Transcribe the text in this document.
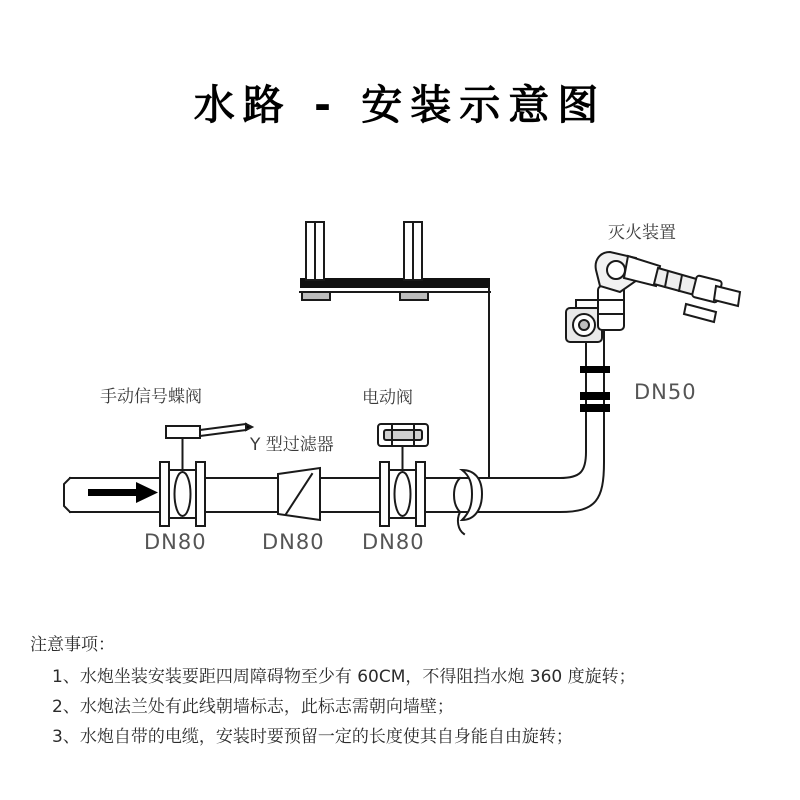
水路 - 安装示意图
灭火装置
手动信号蝶阀	电动阀
Y 型过滤器
DN50
DN80	DN80 DN80
注意事项：
1、水炮坐装安装要距四周障碍物至少有 60CM，不得阻挡水炮 360 度旋转；
2、水炮法兰处有此线朝墙标志，此标志需朝向墙壁；
3、水炮自带的电缆，安装时要预留一定的长度使其自身能自由旋转；
